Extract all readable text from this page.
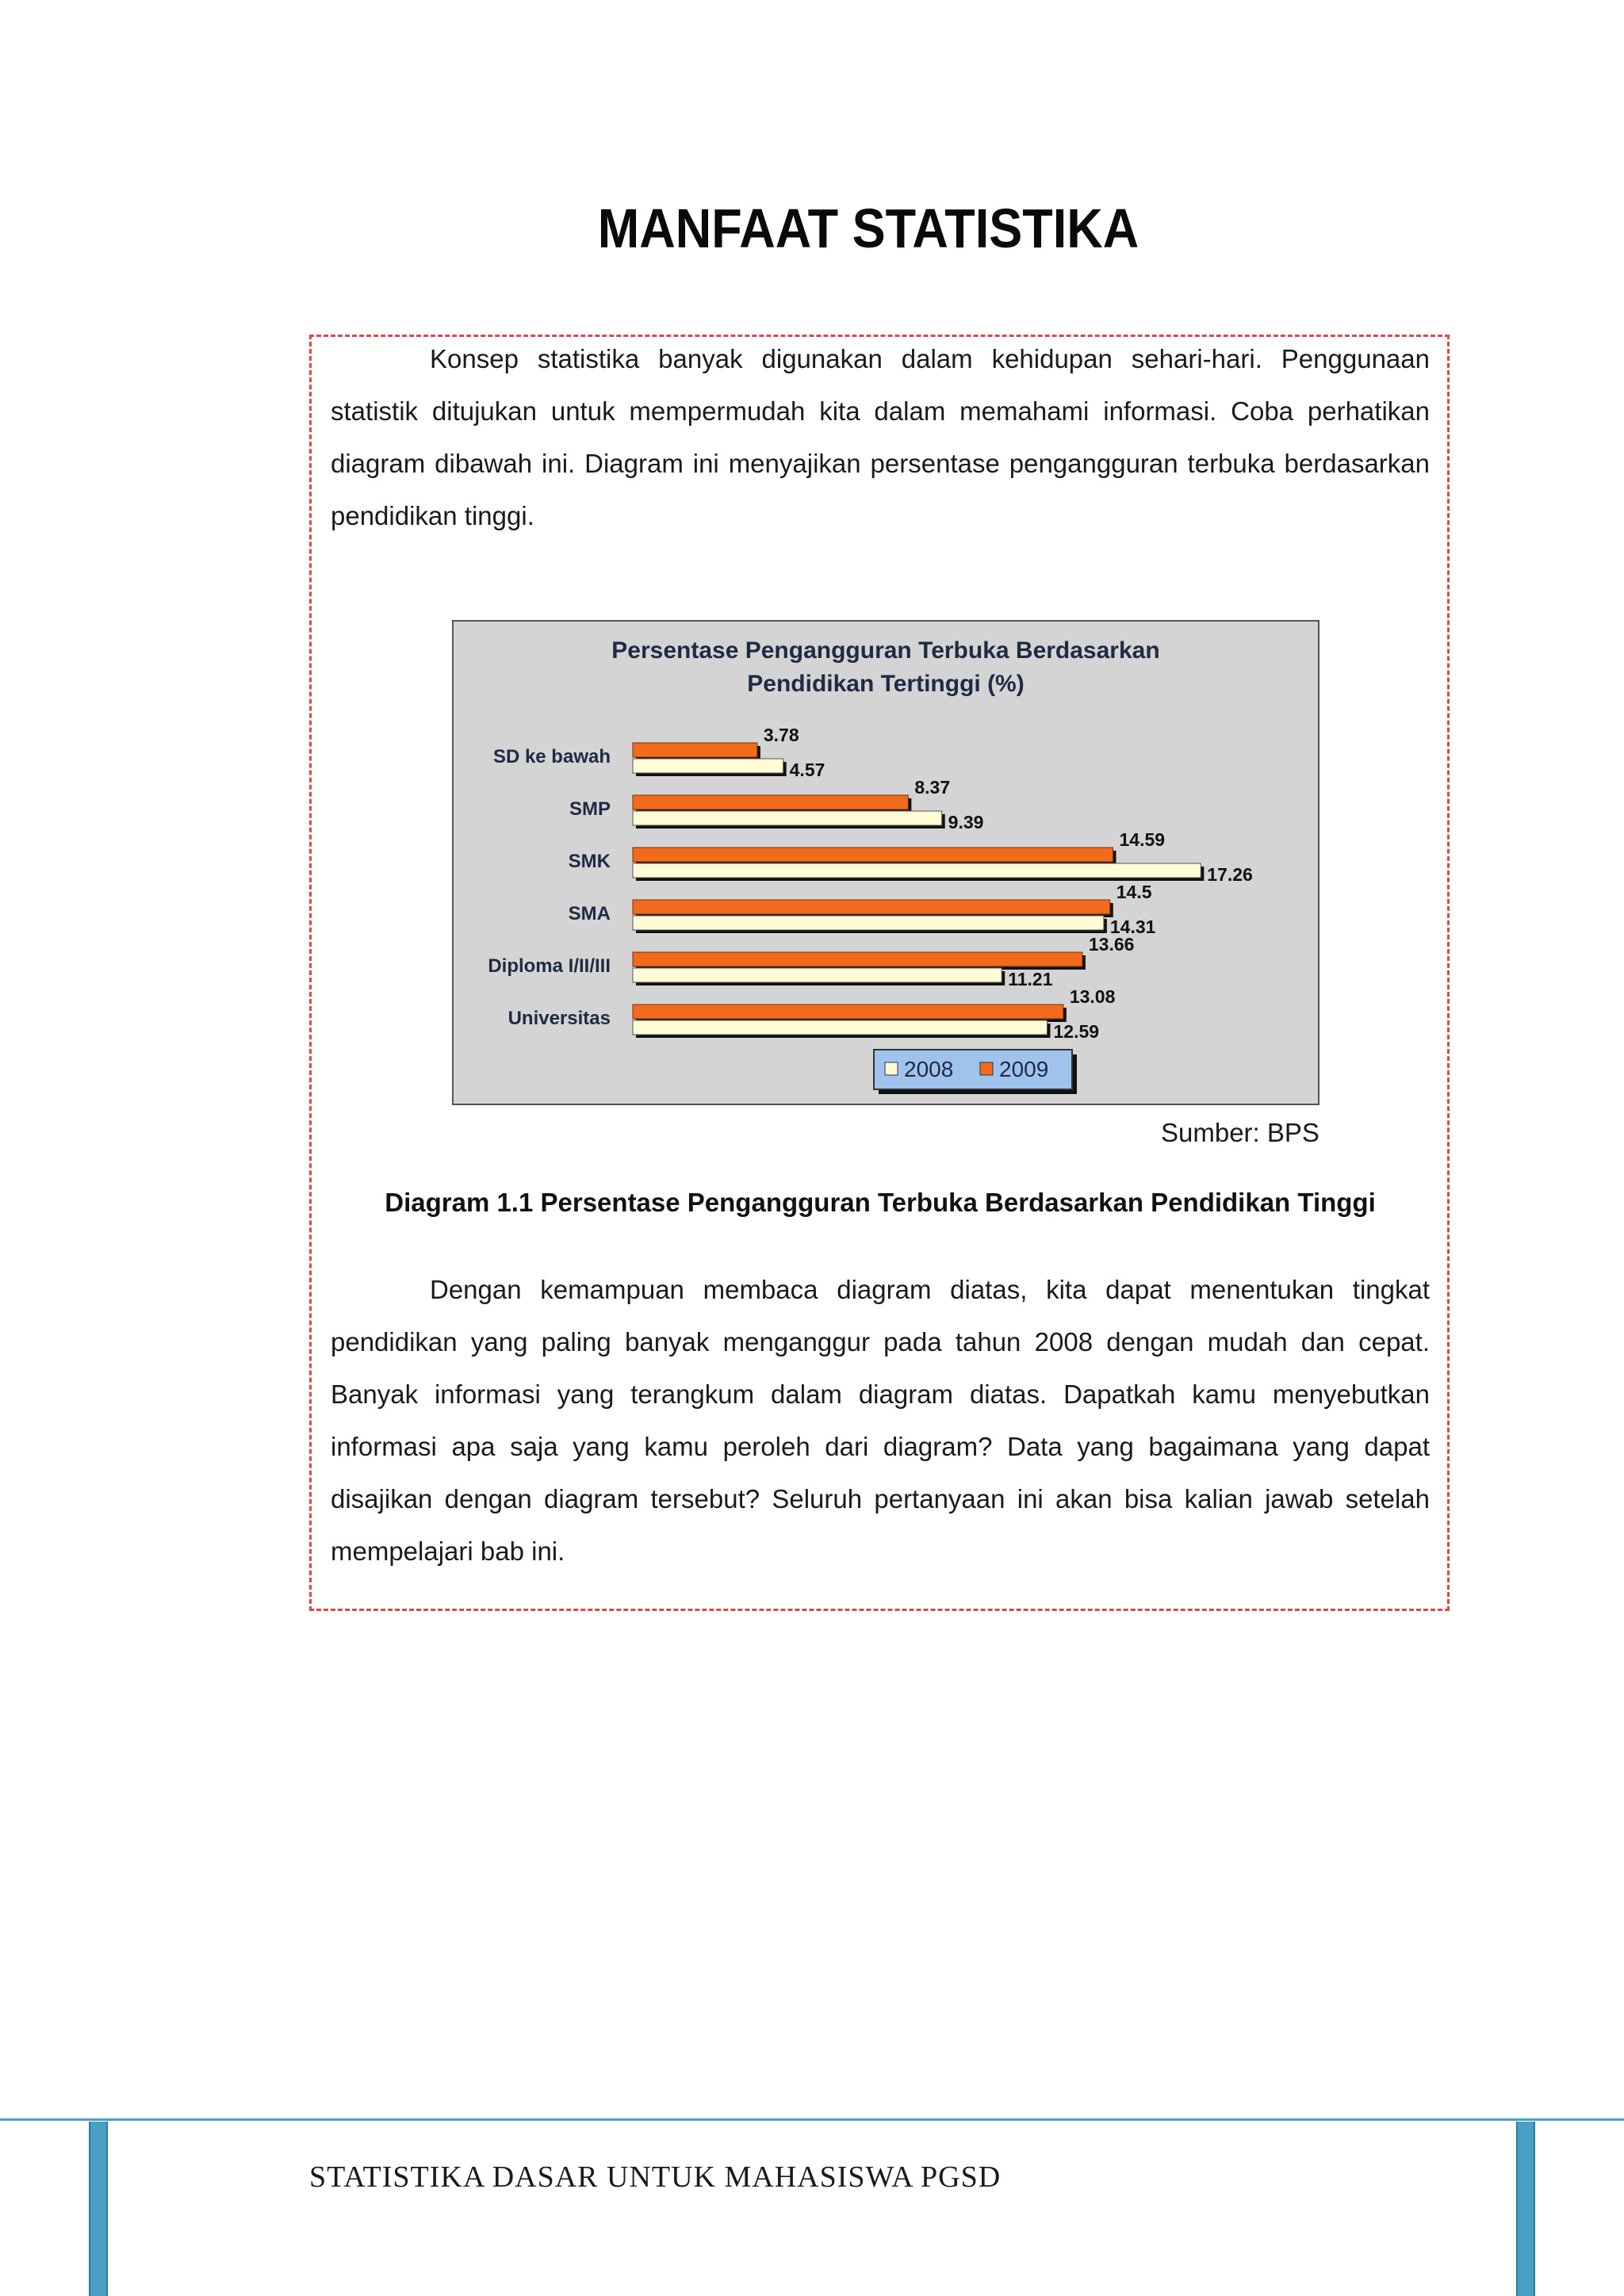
MANFAAT STATISTIKA
Konsep statistika banyak digunakan dalam kehidupan sehari-hari. Penggunaan statistik ditujukan untuk mempermudah kita dalam memahami informasi. Coba perhatikan diagram dibawah ini. Diagram ini menyajikan persentase pengangguran terbuka berdasarkan pendidikan tinggi.
Persentase Pengangguran Terbuka Berdasarkan
Pendidikan Tertinggi (%)
SD ke bawah
3.78
4.57
SMP
8.37
9.39
SMK
14.59
17.26
SMA
14.5
14.31
Diploma I/II/III
13.66
11.21
Universitas
13.08
12.59
2008 2009
Sumber: BPS
Diagram 1.1 Persentase Pengangguran Terbuka Berdasarkan Pendidikan Tinggi
Dengan kemampuan membaca diagram diatas, kita dapat menentukan tingkat pendidikan yang paling banyak menganggur pada tahun 2008 dengan mudah dan cepat. Banyak informasi yang terangkum dalam diagram diatas. Dapatkah kamu menyebutkan informasi apa saja yang kamu peroleh dari diagram? Data yang bagaimana yang dapat disajikan dengan diagram tersebut? Seluruh pertanyaan ini akan bisa kalian jawab setelah mempelajari bab ini.
STATISTIKA DASAR UNTUK MAHASISWA PGSD
